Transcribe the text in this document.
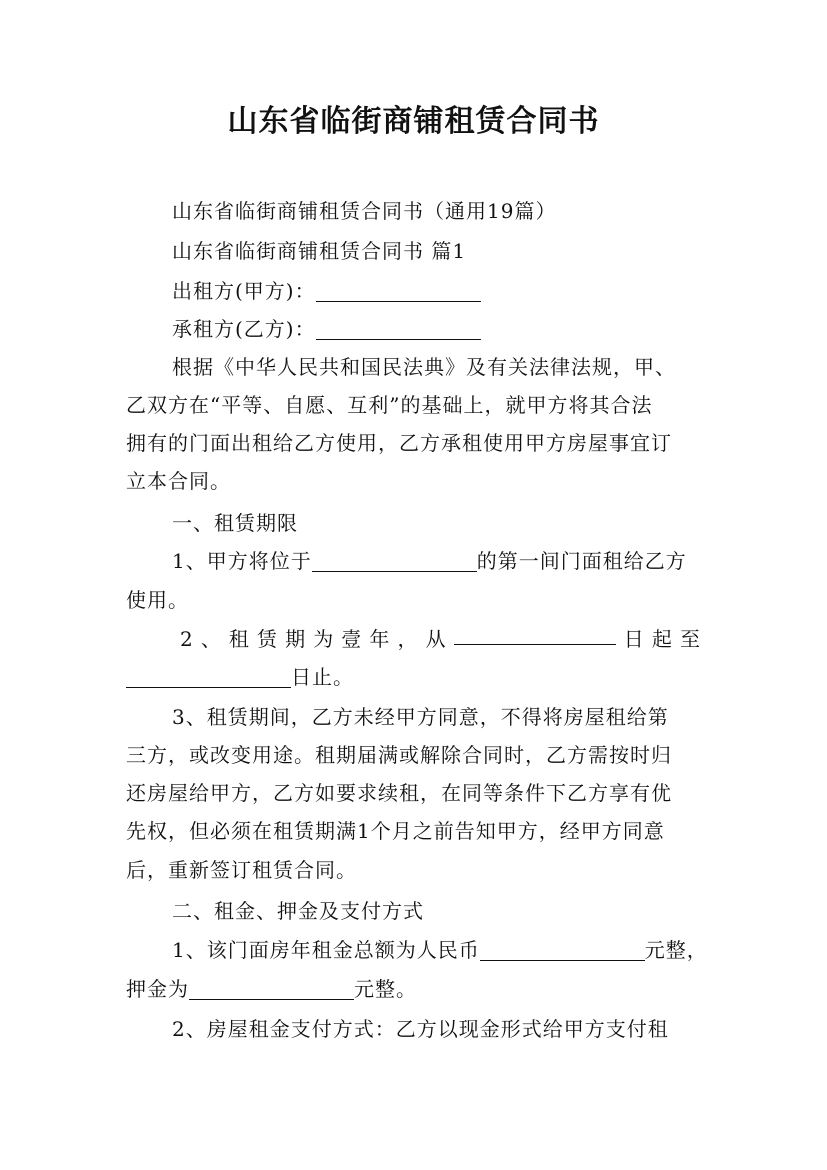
山东省临街商铺租赁合同书
山东省临街商铺租赁合同书（通用19篇）
山东省临街商铺租赁合同书 篇1
出租方(甲方)：
承租方(乙方)：
根据《中华人民共和国民法典》及有关法律法规，甲、
乙双方在“平等、自愿、互利”的基础上，就甲方将其合法
拥有的门面出租给乙方使用，乙方承租使用甲方房屋事宜订
立本合同。
一、租赁期限
1、甲方将位于	的第一间门面租给乙方
使用。
2 、 租 赁 期 为 壹 年 ， 从	日 起 至
日止。
3、租赁期间，乙方未经甲方同意，不得将房屋租给第
三方，或改变用途。租期届满或解除合同时，乙方需按时归
还房屋给甲方，乙方如要求续租，在同等条件下乙方享有优
先权，但必须在租赁期满1个月之前告知甲方，经甲方同意
后，重新签订租赁合同。
二、租金、押金及支付方式
1、该门面房年租金总额为人民币	元整，
押金为	元整。
2、房屋租金支付方式：乙方以现金形式给甲方支付租
